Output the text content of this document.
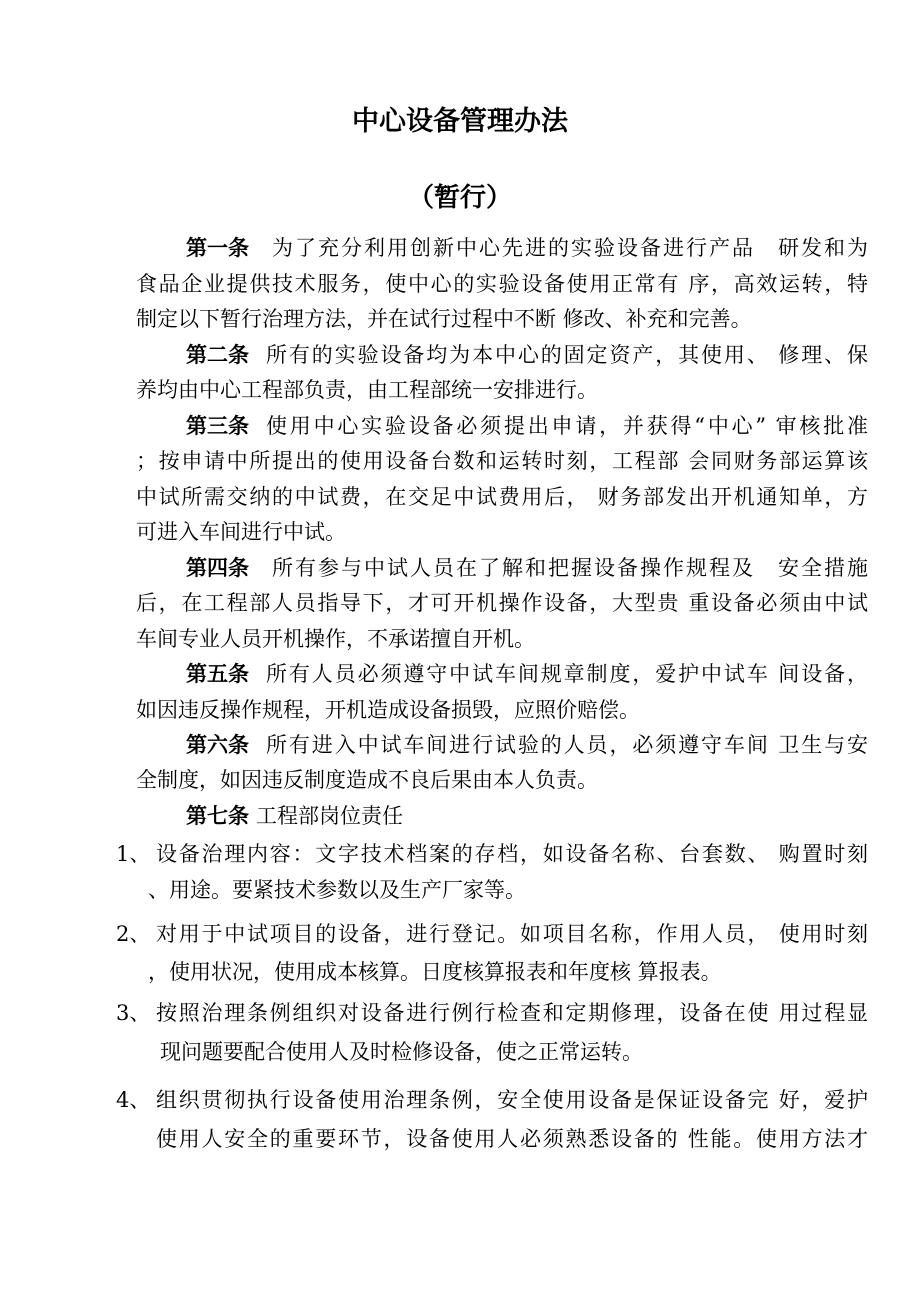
中心设备管理办法
（暂行）
第一条 为了充分利用创新中心先进的实验设备进行产品　研发和为
食品企业提供技术服务，使中心的实验设备使用正常有 序，高效运转，特
制定以下暂行治理方法，并在试行过程中不断 修改、补充和完善。
第二条 所有的实验设备均为本中心的固定资产，其使用、 修理、保
养均由中心工程部负责，由工程部统一安排进行。
第三条 使用中心实验设备必须提出申请，并获得“中心” 审核批准
；按申请中所提出的使用设备台数和运转时刻，工程部 会同财务部运算该
中试所需交纳的中试费，在交足中试费用后， 财务部发出开机通知单，方
可进入车间进行中试。
第四条 所有参与中试人员在了解和把握设备操作规程及　安全措施
后，在工程部人员指导下，才可开机操作设备，大型贵 重设备必须由中试
车间专业人员开机操作，不承诺擅自开机。
第五条 所有人员必须遵守中试车间规章制度，爱护中试车 间设备，
如因违反操作规程，开机造成设备损毁，应照价赔偿。
第六条 所有进入中试车间进行试验的人员，必须遵守车间 卫生与安
全制度，如因违反制度造成不良后果由本人负责。
第七条 工程部岗位责任
1、 设备治理内容：文字技术档案的存档，如设备名称、台套数、 购置时刻
、用途。要紧技术参数以及生产厂家等。
2、 对用于中试项目的设备，进行登记。如项目名称，作用人员， 使用时刻
，使用状况，使用成本核算。日度核算报表和年度核 算报表。
3、 按照治理条例组织对设备进行例行检查和定期修理，设备在使 用过程显
现问题要配合使用人及时检修设备，使之正常运转。
4、 组织贯彻执行设备使用治理条例，安全使用设备是保证设备完 好，爱护
使用人安全的重要环节，设备使用人必须熟悉设备的 性能。使用方法才
